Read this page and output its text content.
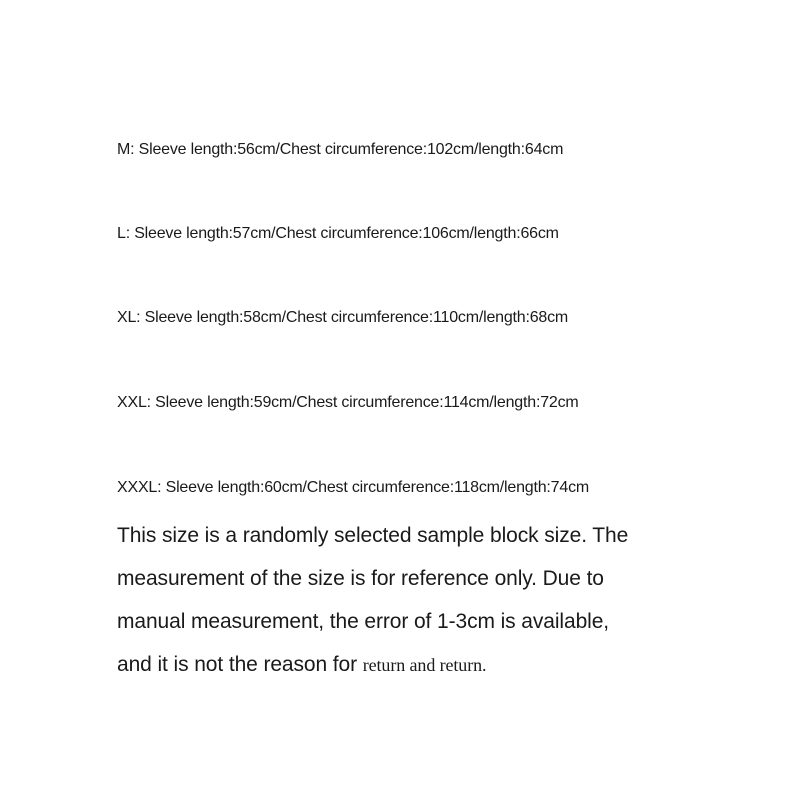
M: Sleeve length:56cm/Chest circumference:102cm/length:64cm
L: Sleeve length:57cm/Chest circumference:106cm/length:66cm
XL: Sleeve length:58cm/Chest circumference:110cm/length:68cm
XXL: Sleeve length:59cm/Chest circumference:114cm/length:72cm
XXXL: Sleeve length:60cm/Chest circumference:118cm/length:74cm
This size is a randomly selected sample block size. The
measurement of the size is for reference only. Due to
manual measurement, the error of 1-3cm is available,
and it is not the reason for return and return.
